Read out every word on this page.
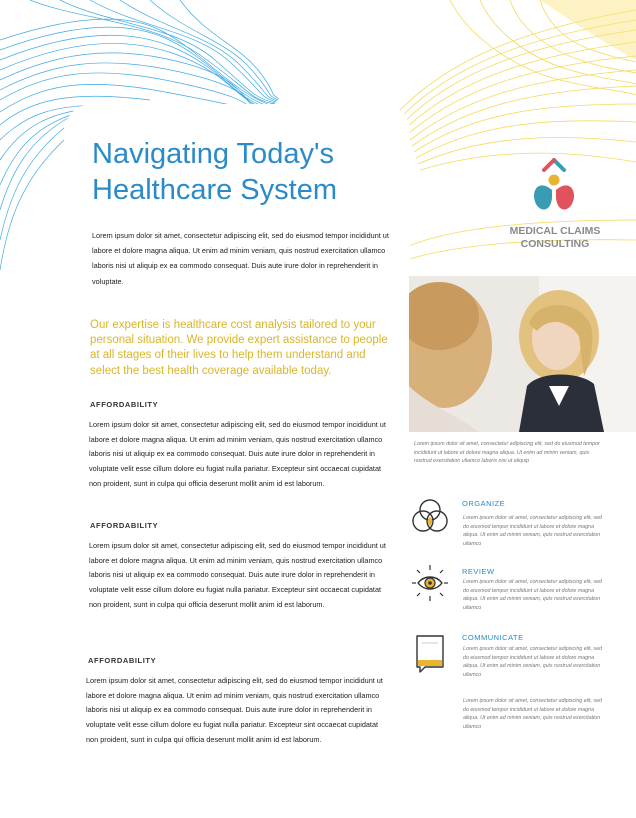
Navigating Today's
Healthcare System

Lorem ipsum dolor sit amet, consectetur adipiscing elit, sed do eiusmod tempor incididunt ut labore et dolore magna aliqua. Ut enim ad minim veniam, quis nostrud exercitation ullamco laboris nisi ut aliquip ex ea commodo consequat. Duis aute irure dolor in reprehenderit in voluptate.

Our expertise is healthcare cost analysis tailored to your personal situation. We provide expert assistance to people at all stages of their lives to help them understand and select the best health coverage available today.

AFFORDABILITY

Lorem ipsum dolor sit amet, consectetur adipiscing elit, sed do eiusmod tempor incididunt ut labore et dolore magna aliqua. Ut enim ad minim veniam, quis nostrud exercitation ullamco laboris nisi ut aliquip ex ea commodo consequat. Duis aute irure dolor in reprehenderit in voluptate velit esse cillum dolore eu fugiat nulla pariatur. Excepteur sint occaecat cupidatat non proident, sunt in culpa qui officia deserunt mollit anim id est laborum.

AFFORDABILITY

Lorem ipsum dolor sit amet, consectetur adipiscing elit, sed do eiusmod tempor incididunt ut labore et dolore magna aliqua. Ut enim ad minim veniam, quis nostrud exercitation ullamco laboris nisi ut aliquip ex ea commodo consequat. Duis aute irure dolor in reprehenderit in voluptate velit esse cillum dolore eu fugiat nulla pariatur. Excepteur sint occaecat cupidatat non proident, sunt in culpa qui officia deserunt mollit anim id est laborum.

AFFORDABILITY

Lorem ipsum dolor sit amet, consectetur adipiscing elit, sed do eiusmod tempor incididunt ut labore et dolore magna aliqua. Ut enim ad minim veniam, quis nostrud exercitation ullamco laboris nisi ut aliquip ex ea commodo consequat. Duis aute irure dolor in reprehenderit in voluptate velit esse cillum dolore eu fugiat nulla pariatur. Excepteur sint occaecat cupidatat non proident, sunt in culpa qui officia deserunt mollit anim id est laborum.

MEDICAL CLAIMS
CONSULTING

Lorem ipsum dolor sit amet, consectetur adipiscing elit, sed do eiusmod tempor incididunt ut labore et dolore magna aliqua. Ut enim ad minim veniam, quis nostrud exercitation ullamco laboris nisi ut aliquip

ORGANIZE

Lorem ipsum dolor sit amet, consectetur adipiscing elit, sed do eiusmod tempor incididunt ut labore et dolore magna aliqua. Ut enim ad minim veniam, quis nostrud exercitation ullamco

REVIEW

Lorem ipsum dolor sit amet, consectetur adipiscing elit, sed do eiusmod tempor incididunt ut labore et dolore magna aliqua. Ut enim ad minim veniam, quis nostrud exercitation ullamco

COMMUNICATE

Lorem ipsum dolor sit amet, consectetur adipiscing elit, sed do eiusmod tempor incididunt ut labore et dolore magna aliqua. Ut enim ad minim veniam, quis nostrud exercitation ullamco

Lorem ipsum dolor sit amet, consectetur adipiscing elit, sed do eiusmod tempor incididunt ut labore et dolore magna aliqua. Ut enim ad minim veniam, quis nostrud exercitation ullamco
